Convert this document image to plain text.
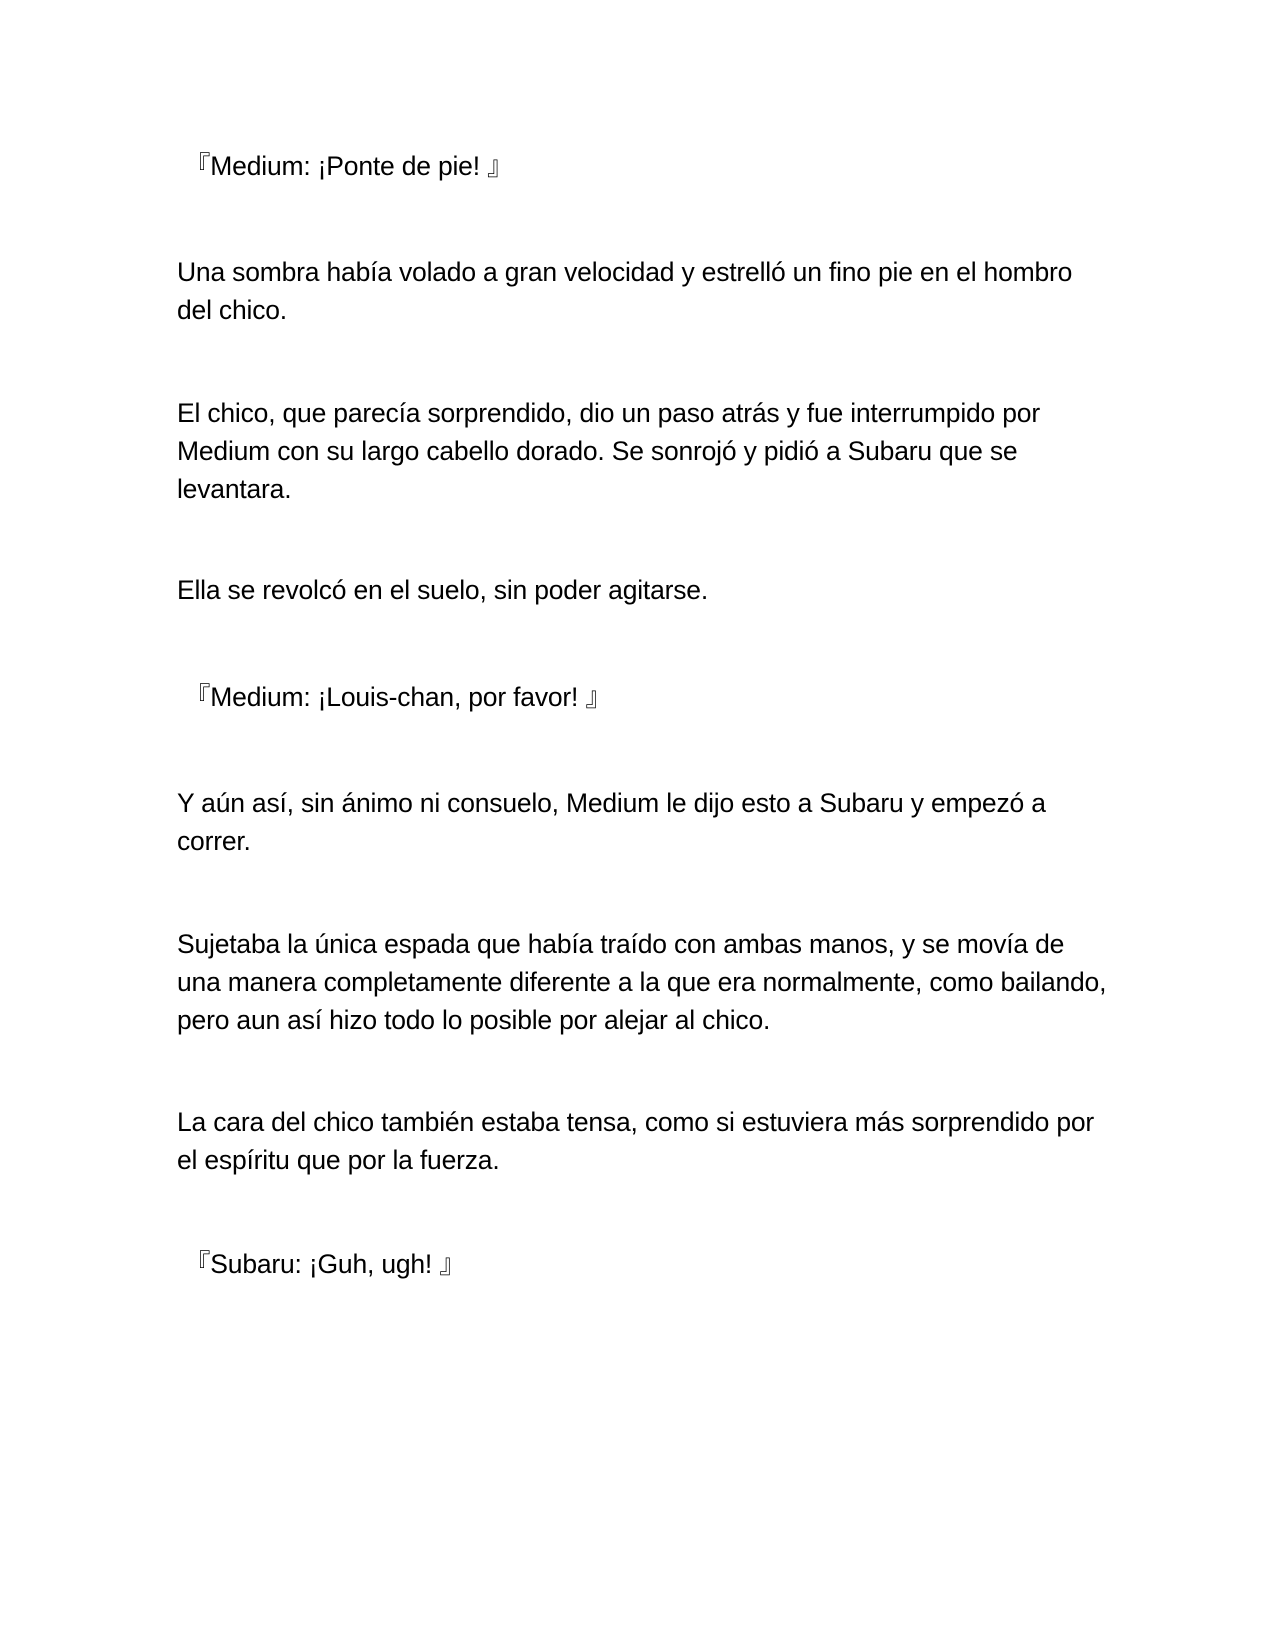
『Medium: ¡Ponte de pie! 』

Una sombra había volado a gran velocidad y estrelló un fino pie en el hombro del chico.

El chico, que parecía sorprendido, dio un paso atrás y fue interrumpido por Medium con su largo cabello dorado. Se sonrojó y pidió a Subaru que se levantara.

Ella se revolcó en el suelo, sin poder agitarse.

『Medium: ¡Louis-chan, por favor! 』

Y aún así, sin ánimo ni consuelo, Medium le dijo esto a Subaru y empezó a correr.

Sujetaba la única espada que había traído con ambas manos, y se movía de una manera completamente diferente a la que era normalmente, como bailando, pero aun así hizo todo lo posible por alejar al chico.

La cara del chico también estaba tensa, como si estuviera más sorprendido por el espíritu que por la fuerza.

『Subaru: ¡Guh, ugh! 』
